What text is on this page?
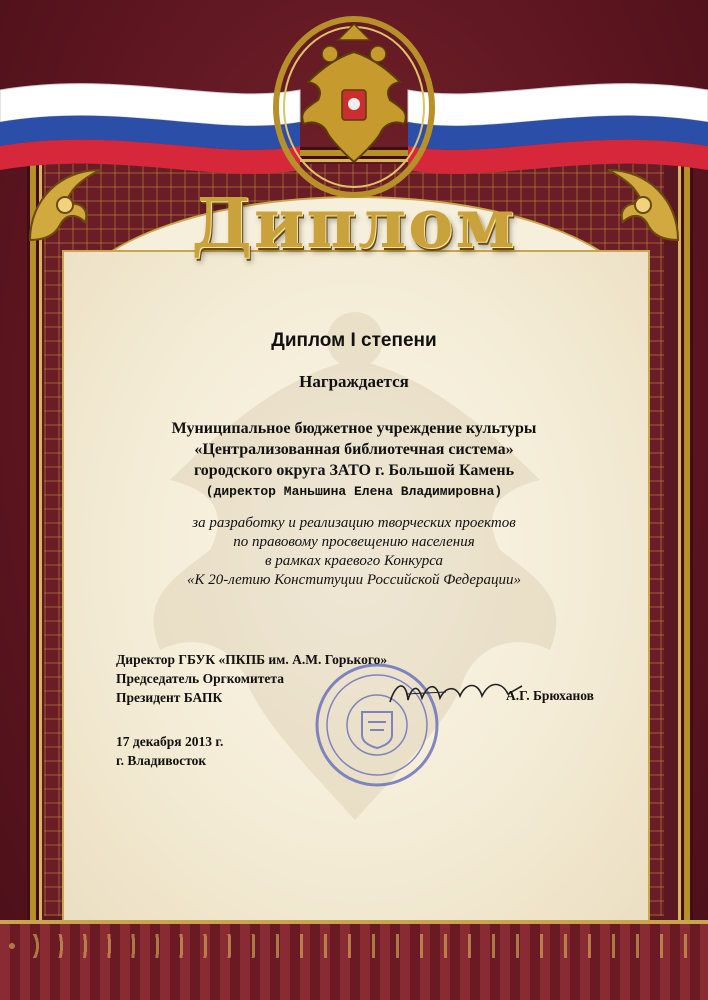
Диплом
Диплом I степени
Награждается
Муниципальное бюджетное учреждение культуры
«Централизованная библиотечная система»
городского округа ЗАТО г. Большой Камень
(директор Маньшина Елена Владимировна)
за разработку и реализацию творческих проектов
по правовому просвещению населения
в рамках краевого Конкурса
«К 20-летию Конституции Российской Федерации»
Директор ГБУК «ПКПБ им. А.М. Горького»
Председатель Оргкомитета
Президент БАПК	А.Г. Брюханов
17 декабря 2013 г.
г. Владивосток
